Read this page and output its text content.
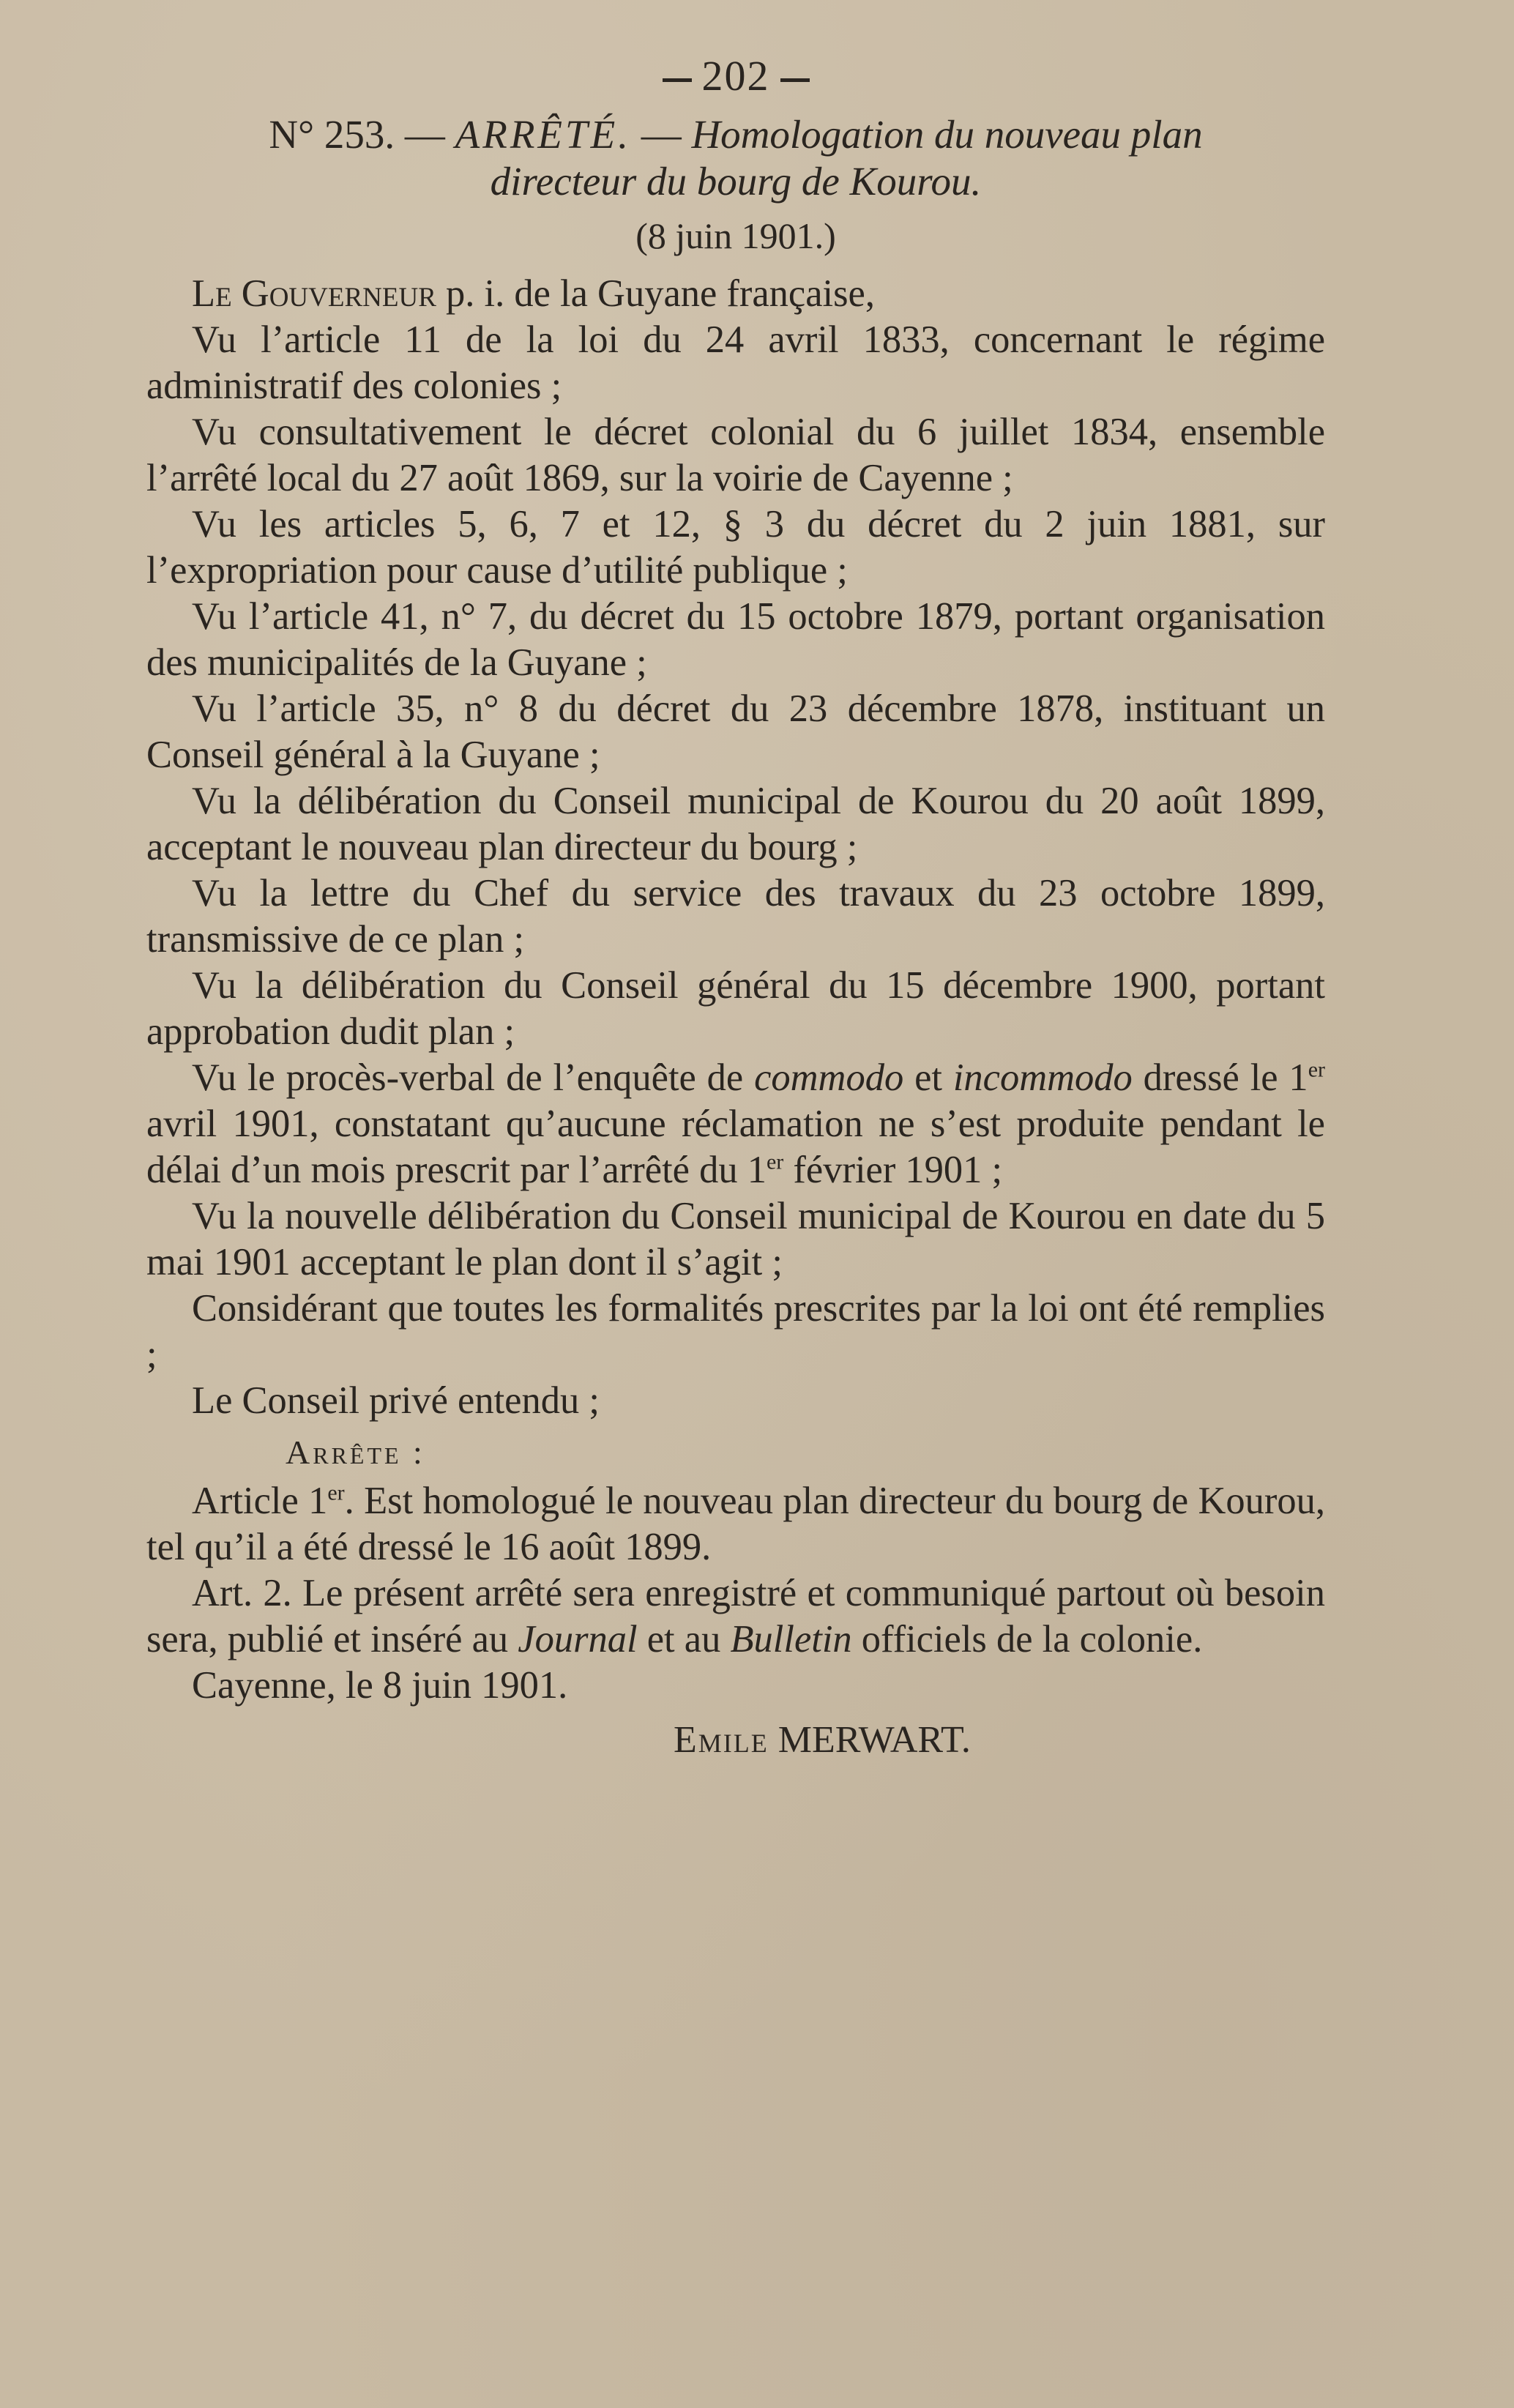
202
N° 253. — ARRÊTÉ. — Homologation du nouveau plan
directeur du bourg de Kourou.
(8 juin 1901.)

Le Gouverneur p. i. de la Guyane française,

Vu l’article 11 de la loi du 24 avril 1833, concernant le régime administratif des colonies ;

Vu consultativement le décret colonial du 6 juillet 1834, ensemble l’arrêté local du 27 août 1869, sur la voirie de Cayenne ;

Vu les articles 5, 6, 7 et 12, § 3 du décret du 2 juin 1881, sur l’expropriation pour cause d’utilité publique ;

Vu l’article 41, n° 7, du décret du 15 octobre 1879, portant organisation des municipalités de la Guyane ;

Vu l’article 35, n° 8 du décret du 23 décembre 1878, instituant un Conseil général à la Guyane ;

Vu la délibération du Conseil municipal de Kourou du 20 août 1899, acceptant le nouveau plan directeur du bourg ;

Vu la lettre du Chef du service des travaux du 23 octobre 1899, transmissive de ce plan ;

Vu la délibération du Conseil général du 15 décembre 1900, portant approbation dudit plan ;

Vu le procès-verbal de l’enquête de commodo et incommodo dressé le 1er avril 1901, constatant qu’aucune réclamation ne s’est produite pendant le délai d’un mois prescrit par l’arrêté du 1er février 1901 ;

Vu la nouvelle délibération du Conseil municipal de Kourou en date du 5 mai 1901 acceptant le plan dont il s’agit ;

Considérant que toutes les formalités prescrites par la loi ont été remplies ;

Le Conseil privé entendu ;

Arrête :

Article 1er. Est homologué le nouveau plan directeur du bourg de Kourou, tel qu’il a été dressé le 16 août 1899.

Art. 2. Le présent arrêté sera enregistré et communiqué partout où besoin sera, publié et inséré au Journal et au Bulletin officiels de la colonie.

Cayenne, le 8 juin 1901.

Emile MERWART.
